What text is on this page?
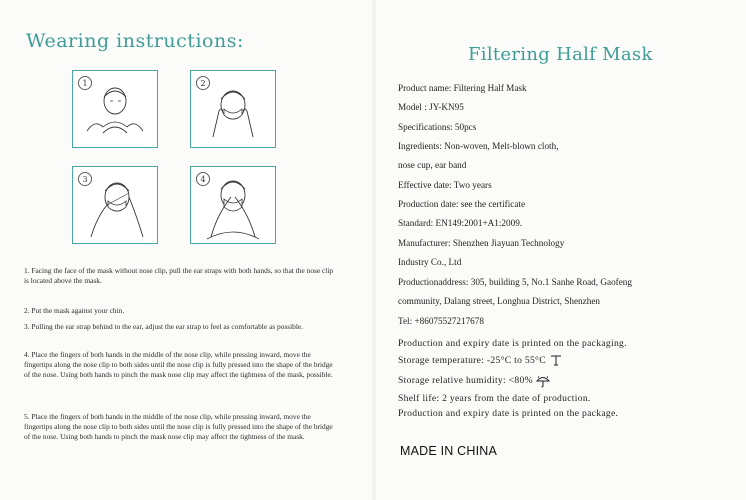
Wearing instructions:
1	2
3	4
1. Facing the face of the mask without nose clip, pull the ear straps with both hands, so that the nose clip is located above the mask.
2. Put the mask against your chin.
3. Pulling the ear strap behind to the ear, adjust the ear strap to feel as comfortable as possible.
4. Place the fingers of both hands in the middle of the nose clip, while pressing inward, move the fingertips along the nose clip to both sides until the nose clip is fully pressed into the shape of the bridge of the nose. Using both hands to pinch the mask nose clip may affect the tightness of the mask, possible.
5. Place the fingers of both hands in the middle of the nose clip, while pressing inward, move the fingertips along the nose clip to both sides until the nose clip is fully pressed into the shape of the bridge of the nose. Using both hands to pinch the mask nose clip may affect the tightness of the mask.
Filtering Half Mask
Product name: Filtering Half Mask
Model : JY-KN95
Specifications: 50pcs
Ingredients: Non-woven, Melt-blown cloth,
nose cup, ear band
Effective date: Two years
Production date: see the certificate
Standard: EN149:2001+A1:2009.
Manufacturer: Shenzhen Jiayuan Technology
Industry Co., Ltd
Productionaddress: 305, building 5, No.1 Sanhe Road, Gaofeng
community, Dalang street, Longhua District, Shenzhen
Tel: +86075527217678
Production and expiry date is printed on the packaging.
Storage temperature: -25°C to 55°C
Storage relative humidity: <80%
Shelf life: 2 years from the date of production.
Production and expiry date is printed on the package.
MADE IN CHINA
